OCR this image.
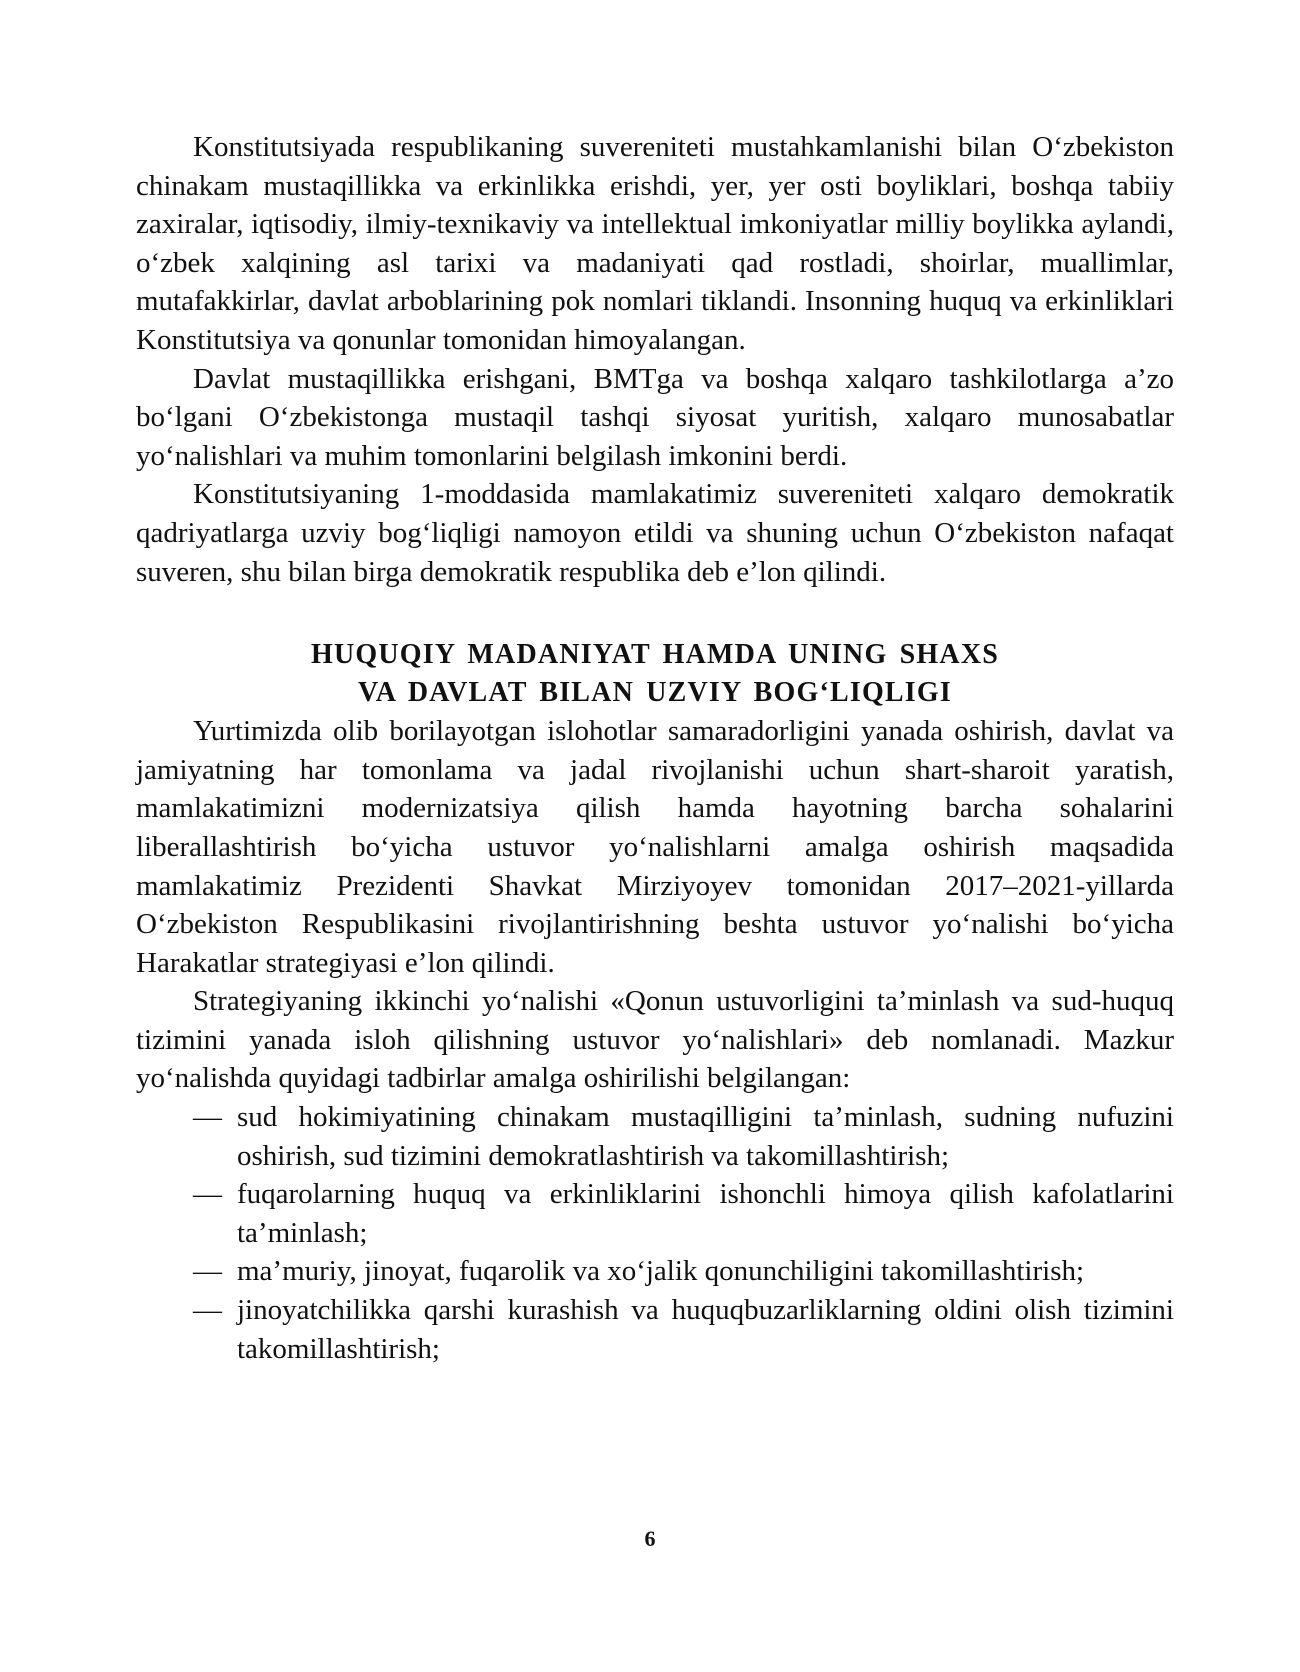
Konstitutsiyada respublikaning suvereniteti mustahkamlanishi bilan O‘zbekiston chinakam mustaqillikka va erkinlikka erishdi, yer, yer osti boyliklari, boshqa tabiiy zaxiralar, iqtisodiy, ilmiy-texnikaviy va intellektual imkoniyatlar milliy boylikka aylandi, o‘zbek xalqining asl tarixi va madaniyati qad rostladi, shoirlar, muallimlar, mutafakkirlar, davlat arboblarining pok nomlari tiklandi. Insonning huquq va erkinliklari Konstitutsiya va qonunlar tomonidan himoyalangan.

Davlat mustaqillikka erishgani, BMTga va boshqa xalqaro tashkilotlarga a’zo bo‘lgani O‘zbekistonga mustaqil tashqi siyosat yuritish, xalqaro munosabatlar yo‘nalishlari va muhim tomonlarini belgilash imkonini berdi.

Konstitutsiyaning 1-moddasida mamlakatimiz suvereniteti xalqaro demokratik qadriyatlarga uzviy bog‘liqligi namoyon etildi va shuning uchun O‘zbekiston nafaqat suveren, shu bilan birga demokratik respublika deb e’lon qilindi.

HUQUQIY MADANIYAT HAMDA UNING SHAXS
VA DAVLAT BILAN UZVIY BOG‘LIQLIGI

Yurtimizda olib borilayotgan islohotlar samaradorligini yanada oshirish, davlat va jamiyatning har tomonlama va jadal rivojlanishi uchun shart-sharoit yaratish, mamlakatimizni modernizatsiya qilish hamda hayotning barcha sohalarini liberallashtirish bo‘yicha ustuvor yo‘nalishlarni amalga oshirish maqsadida mamlakatimiz Prezidenti Shavkat Mirziyoyev tomonidan 2017–2021-yillarda O‘zbekiston Respublikasini rivojlantirishning beshta ustuvor yo‘nalishi bo‘yicha Harakatlar strategiyasi e’lon qilindi.

Strategiyaning ikkinchi yo‘nalishi «Qonun ustuvorligini ta’minlash va sud-huquq tizimini yanada isloh qilishning ustuvor yo‘nalishlari» deb nomlanadi. Mazkur yo‘nalishda quyidagi tadbirlar amalga oshirilishi belgilangan:

— sud hokimiyatining chinakam mustaqilligini ta’minlash, sudning nufuzini oshirish, sud tizimini demokratlashtirish va takomillashtirish;
— fuqarolarning huquq va erkinliklarini ishonchli himoya qilish kafolatlarini ta’minlash;
— ma’muriy, jinoyat, fuqarolik va xo‘jalik qonunchiligini takomillashtirish;
— jinoyatchilikka qarshi kurashish va huquqbuzarliklarning oldini olish tizimini takomillashtirish;
6
